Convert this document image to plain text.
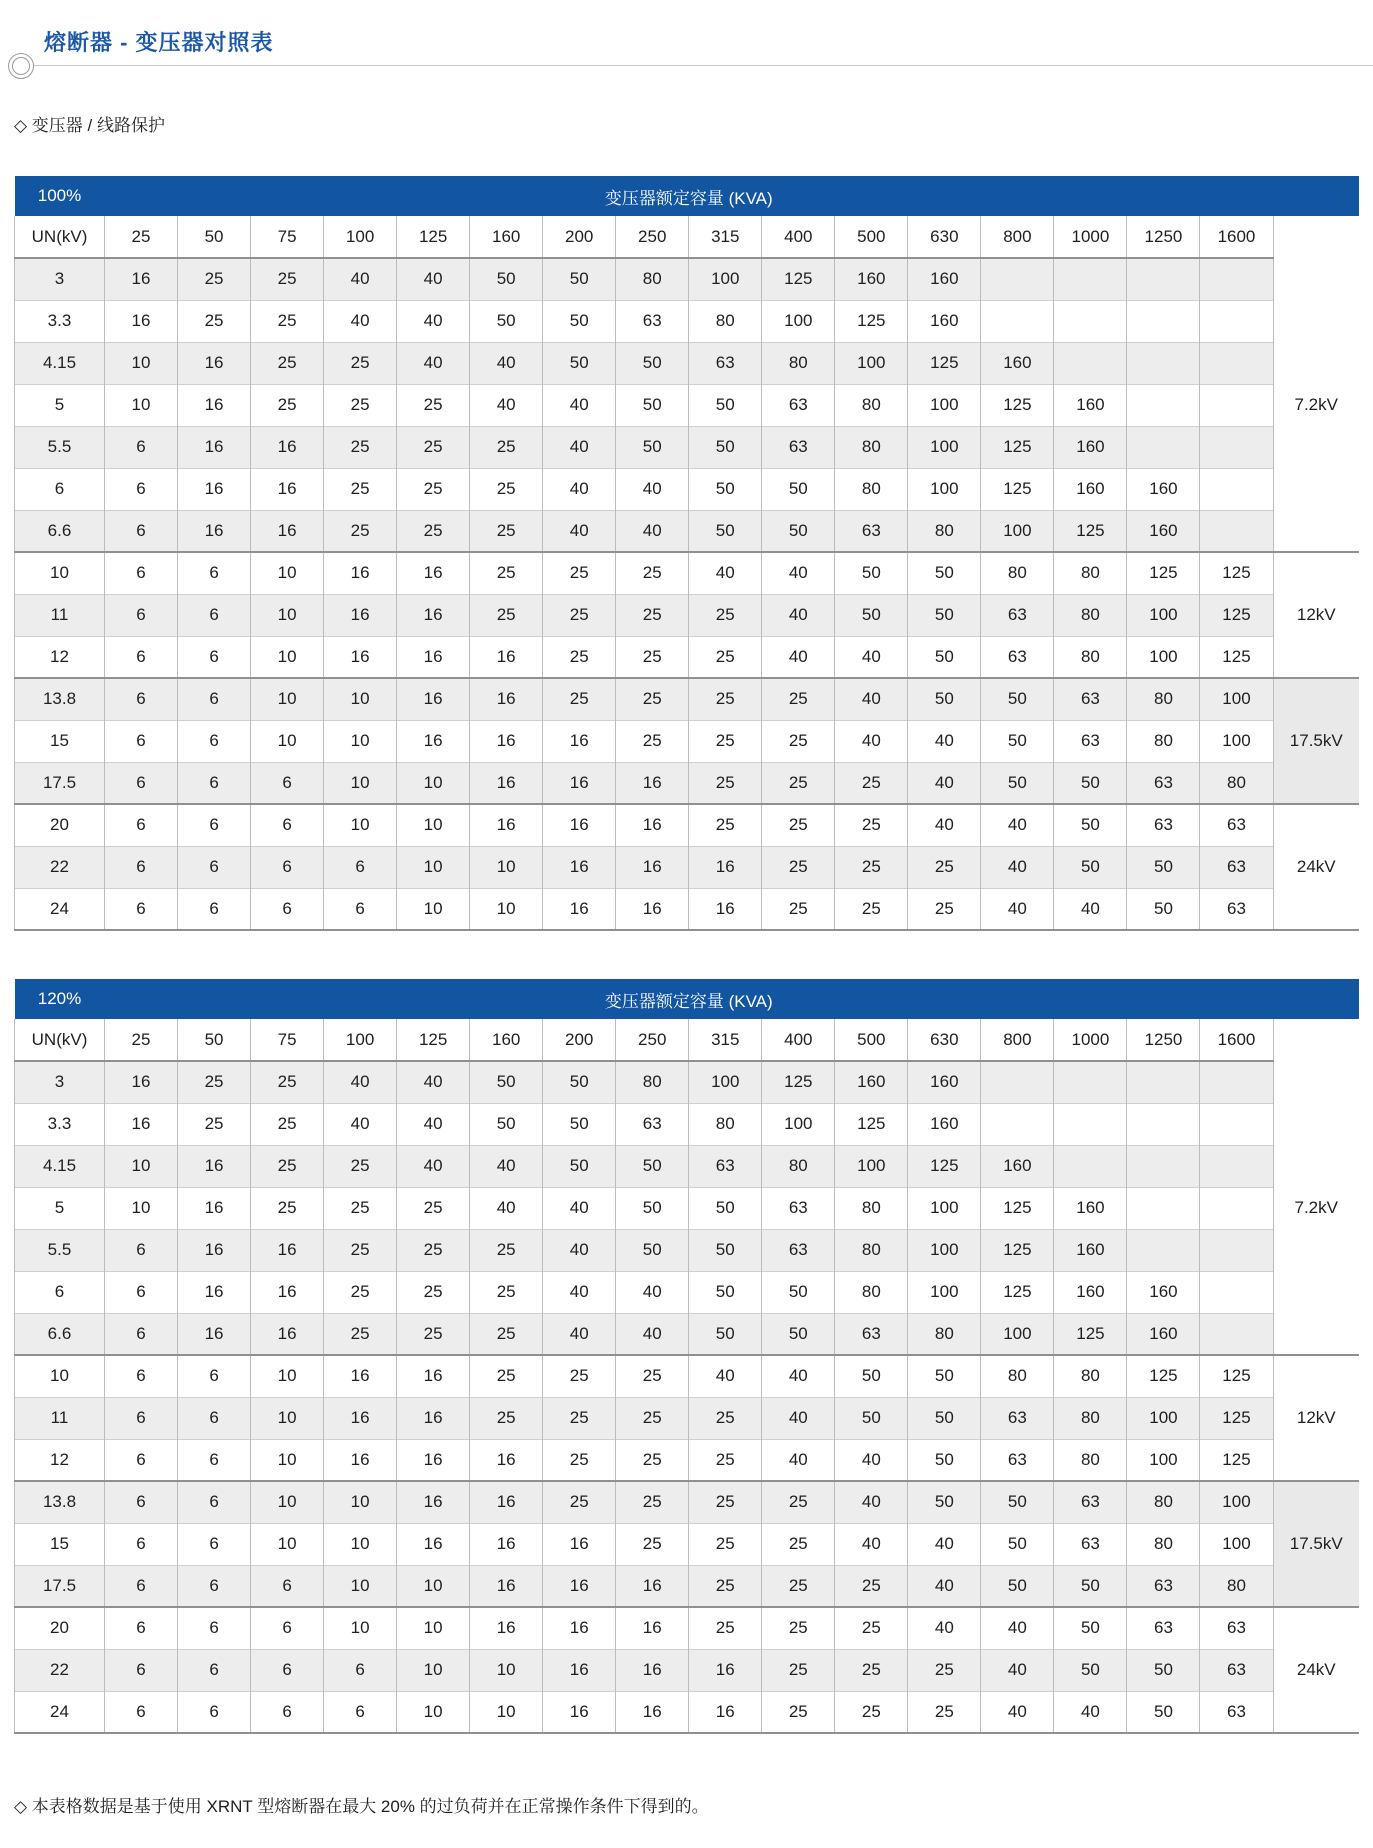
熔断器 - 变压器对照表
◇ 变压器 / 线路保护
100%	变压器额定容量 (KVA)																
UN(kV)	25	50	75	100	125	160	200	250	315	400	500	630	800	1000	1250	1600	
3	16	25	25	40	40	50	50	80	100	125	160	160					7.2kV
3.3	16	25	25	40	40	50	50	63	80	100	125	160					
4.15	10	16	25	25	40	40	50	50	63	80	100	125	160				
5	10	16	25	25	25	40	40	50	50	63	80	100	125	160			
5.5	6	16	16	25	25	25	40	50	50	63	80	100	125	160			
6	6	16	16	25	25	25	40	40	50	50	80	100	125	160	160		
6.6	6	16	16	25	25	25	40	40	50	50	63	80	100	125	160		
10	6	6	10	16	16	25	25	25	40	40	50	50	80	80	125	125	12kV
11	6	6	10	16	16	25	25	25	25	40	50	50	63	80	100	125	
12	6	6	10	16	16	16	25	25	25	40	40	50	63	80	100	125	
13.8	6	6	10	10	16	16	25	25	25	25	40	50	50	63	80	100	17.5kV
15	6	6	10	10	16	16	16	25	25	25	40	40	50	63	80	100	
17.5	6	6	6	10	10	16	16	16	25	25	25	40	50	50	63	80	
20	6	6	6	10	10	16	16	16	25	25	25	40	40	50	63	63	24kV
22	6	6	6	6	10	10	16	16	16	25	25	25	40	50	50	63	
24	6	6	6	6	10	10	16	16	16	25	25	25	40	40	50	63	
120%	变压器额定容量 (KVA)																
UN(kV)	25	50	75	100	125	160	200	250	315	400	500	630	800	1000	1250	1600	
3	16	25	25	40	40	50	50	80	100	125	160	160					7.2kV
3.3	16	25	25	40	40	50	50	63	80	100	125	160					
4.15	10	16	25	25	40	40	50	50	63	80	100	125	160				
5	10	16	25	25	25	40	40	50	50	63	80	100	125	160			
5.5	6	16	16	25	25	25	40	50	50	63	80	100	125	160			
6	6	16	16	25	25	25	40	40	50	50	80	100	125	160	160		
6.6	6	16	16	25	25	25	40	40	50	50	63	80	100	125	160		
10	6	6	10	16	16	25	25	25	40	40	50	50	80	80	125	125	12kV
11	6	6	10	16	16	25	25	25	25	40	50	50	63	80	100	125	
12	6	6	10	16	16	16	25	25	25	40	40	50	63	80	100	125	
13.8	6	6	10	10	16	16	25	25	25	25	40	50	50	63	80	100	17.5kV
15	6	6	10	10	16	16	16	25	25	25	40	40	50	63	80	100	
17.5	6	6	6	10	10	16	16	16	25	25	25	40	50	50	63	80	
20	6	6	6	10	10	16	16	16	25	25	25	40	40	50	63	63	24kV
22	6	6	6	6	10	10	16	16	16	25	25	25	40	50	50	63	
24	6	6	6	6	10	10	16	16	16	25	25	25	40	40	50	63	
◇ 本表格数据是基于使用 XRNT 型熔断器在最大 20% 的过负荷并在正常操作条件下得到的。
